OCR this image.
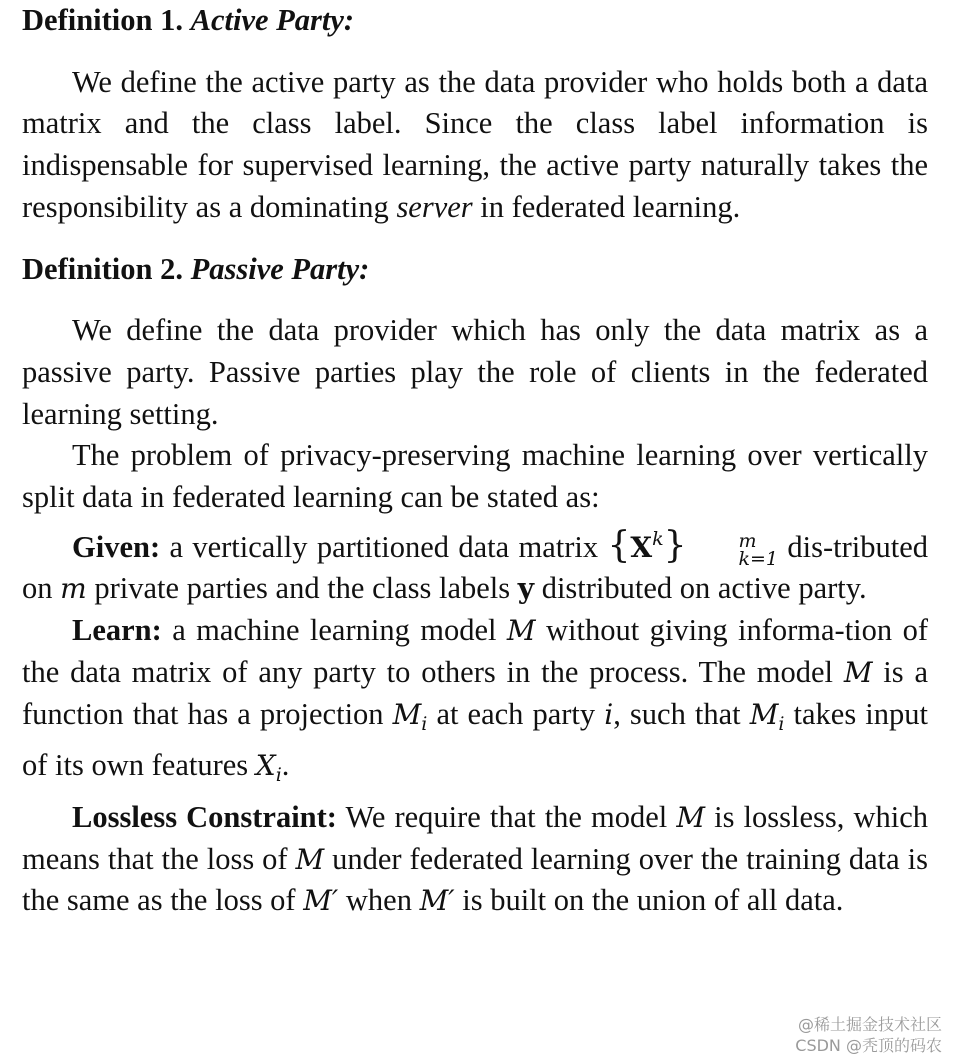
Definition 1. Active Party:

We define the active party as the data provider who holds both a data matrix and the class label. Since the class label information is indispensable for supervised learning, the active party naturally takes the responsibility as a dominating server in federated learning.

Definition 2. Passive Party:

We define the data provider which has only the data matrix as a passive party. Passive parties play the role of clients in the federated learning setting.

The problem of privacy-preserving machine learning over vertically split data in federated learning can be stated as:

Given: a vertically partitioned data matrix $\{X^k\}$	m
k=1 dis-tributed on m private parties and the class labels y distributed on active party.

Learn: a machine learning model M without giving informa-tion of the data matrix of any party to others in the process. The model M is a function that has a projection $M_i$ at each party i, such that $M_i$ takes input of its own features $X_i$.

Lossless Constraint: We require that the model M is lossless, which means that the loss of M under federated learning over the training data is the same as the loss of M′ when M′ is built on the union of all data.

@稀土掘金技术社区
CSDN @秃顶的码农
